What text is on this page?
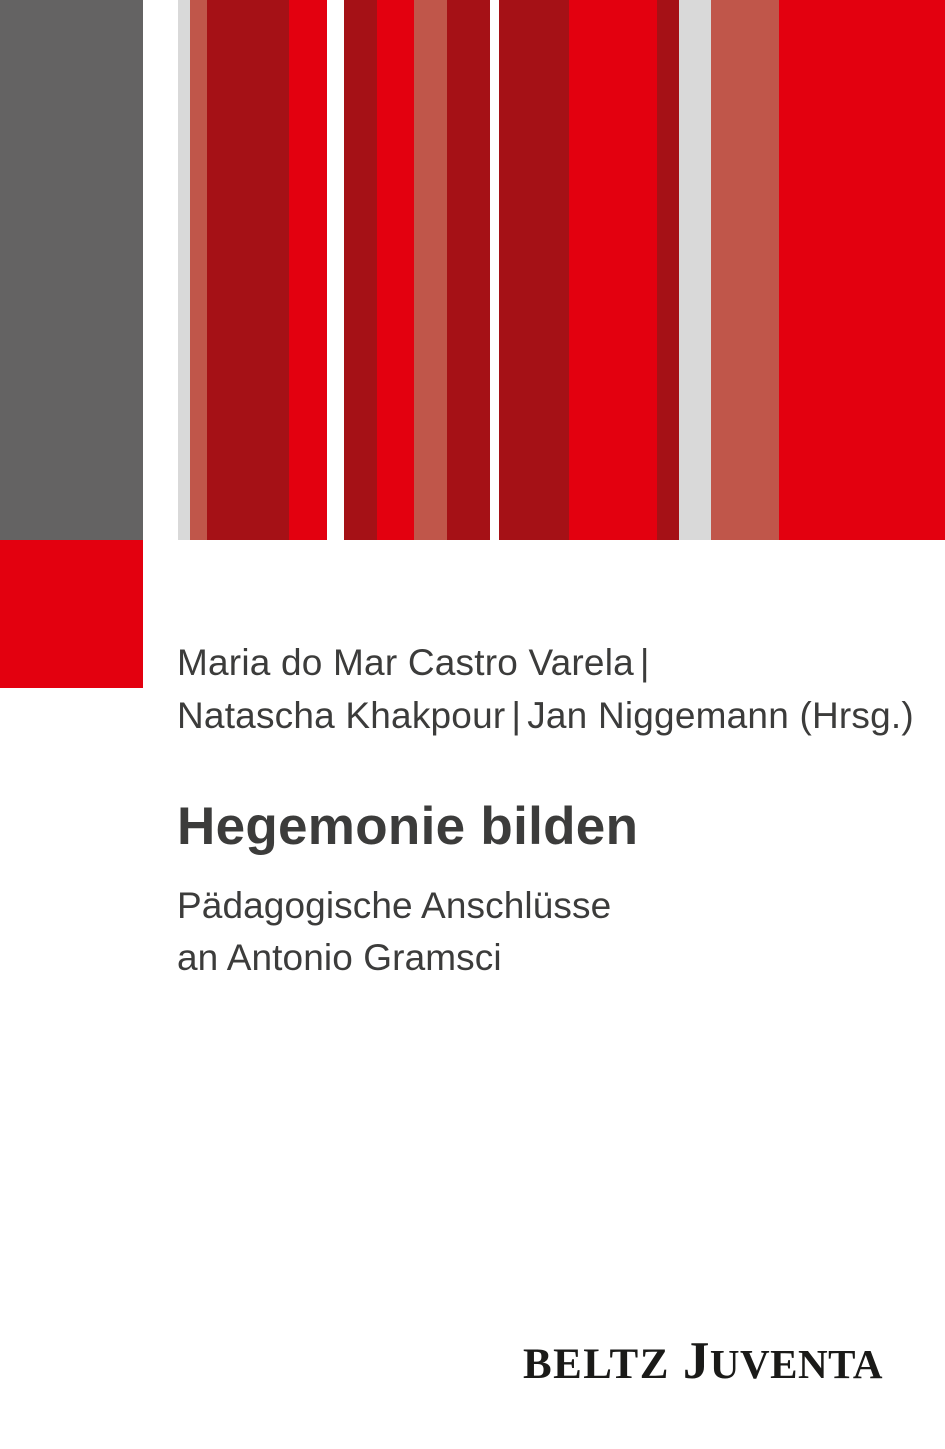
Maria do Mar Castro Varela |
Natascha Khakpour | Jan Niggemann (Hrsg.)
Hegemonie bilden
Pädagogische Anschlüsse
an Antonio Gramsci
BELTZ JUVENTA
